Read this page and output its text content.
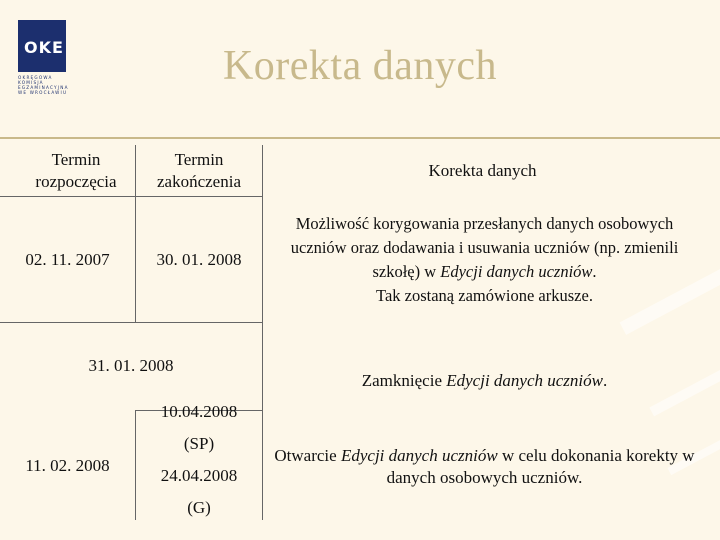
OKE
OKRĘGOWA
KOMISJA
EGZAMINACYJNA
WE WROCŁAWIU
Korekta danych
Termin rozpoczęcia
Termin zakończenia
Korekta danych
02. 11. 2007	30. 01. 2008
Możliwość korygowania przesłanych danych osobowych uczniów oraz dodawania i usuwania uczniów (np. zmienili szkołę) w Edycji danych uczniów.
Tak zostaną zamówione arkusze.
31. 01. 2008
Zamknięcie Edycji danych uczniów.
11. 02. 2008
10.04.2008
(SP)
24.04.2008
(G)
Otwarcie Edycji danych uczniów w celu dokonania korekty w danych osobowych uczniów.
